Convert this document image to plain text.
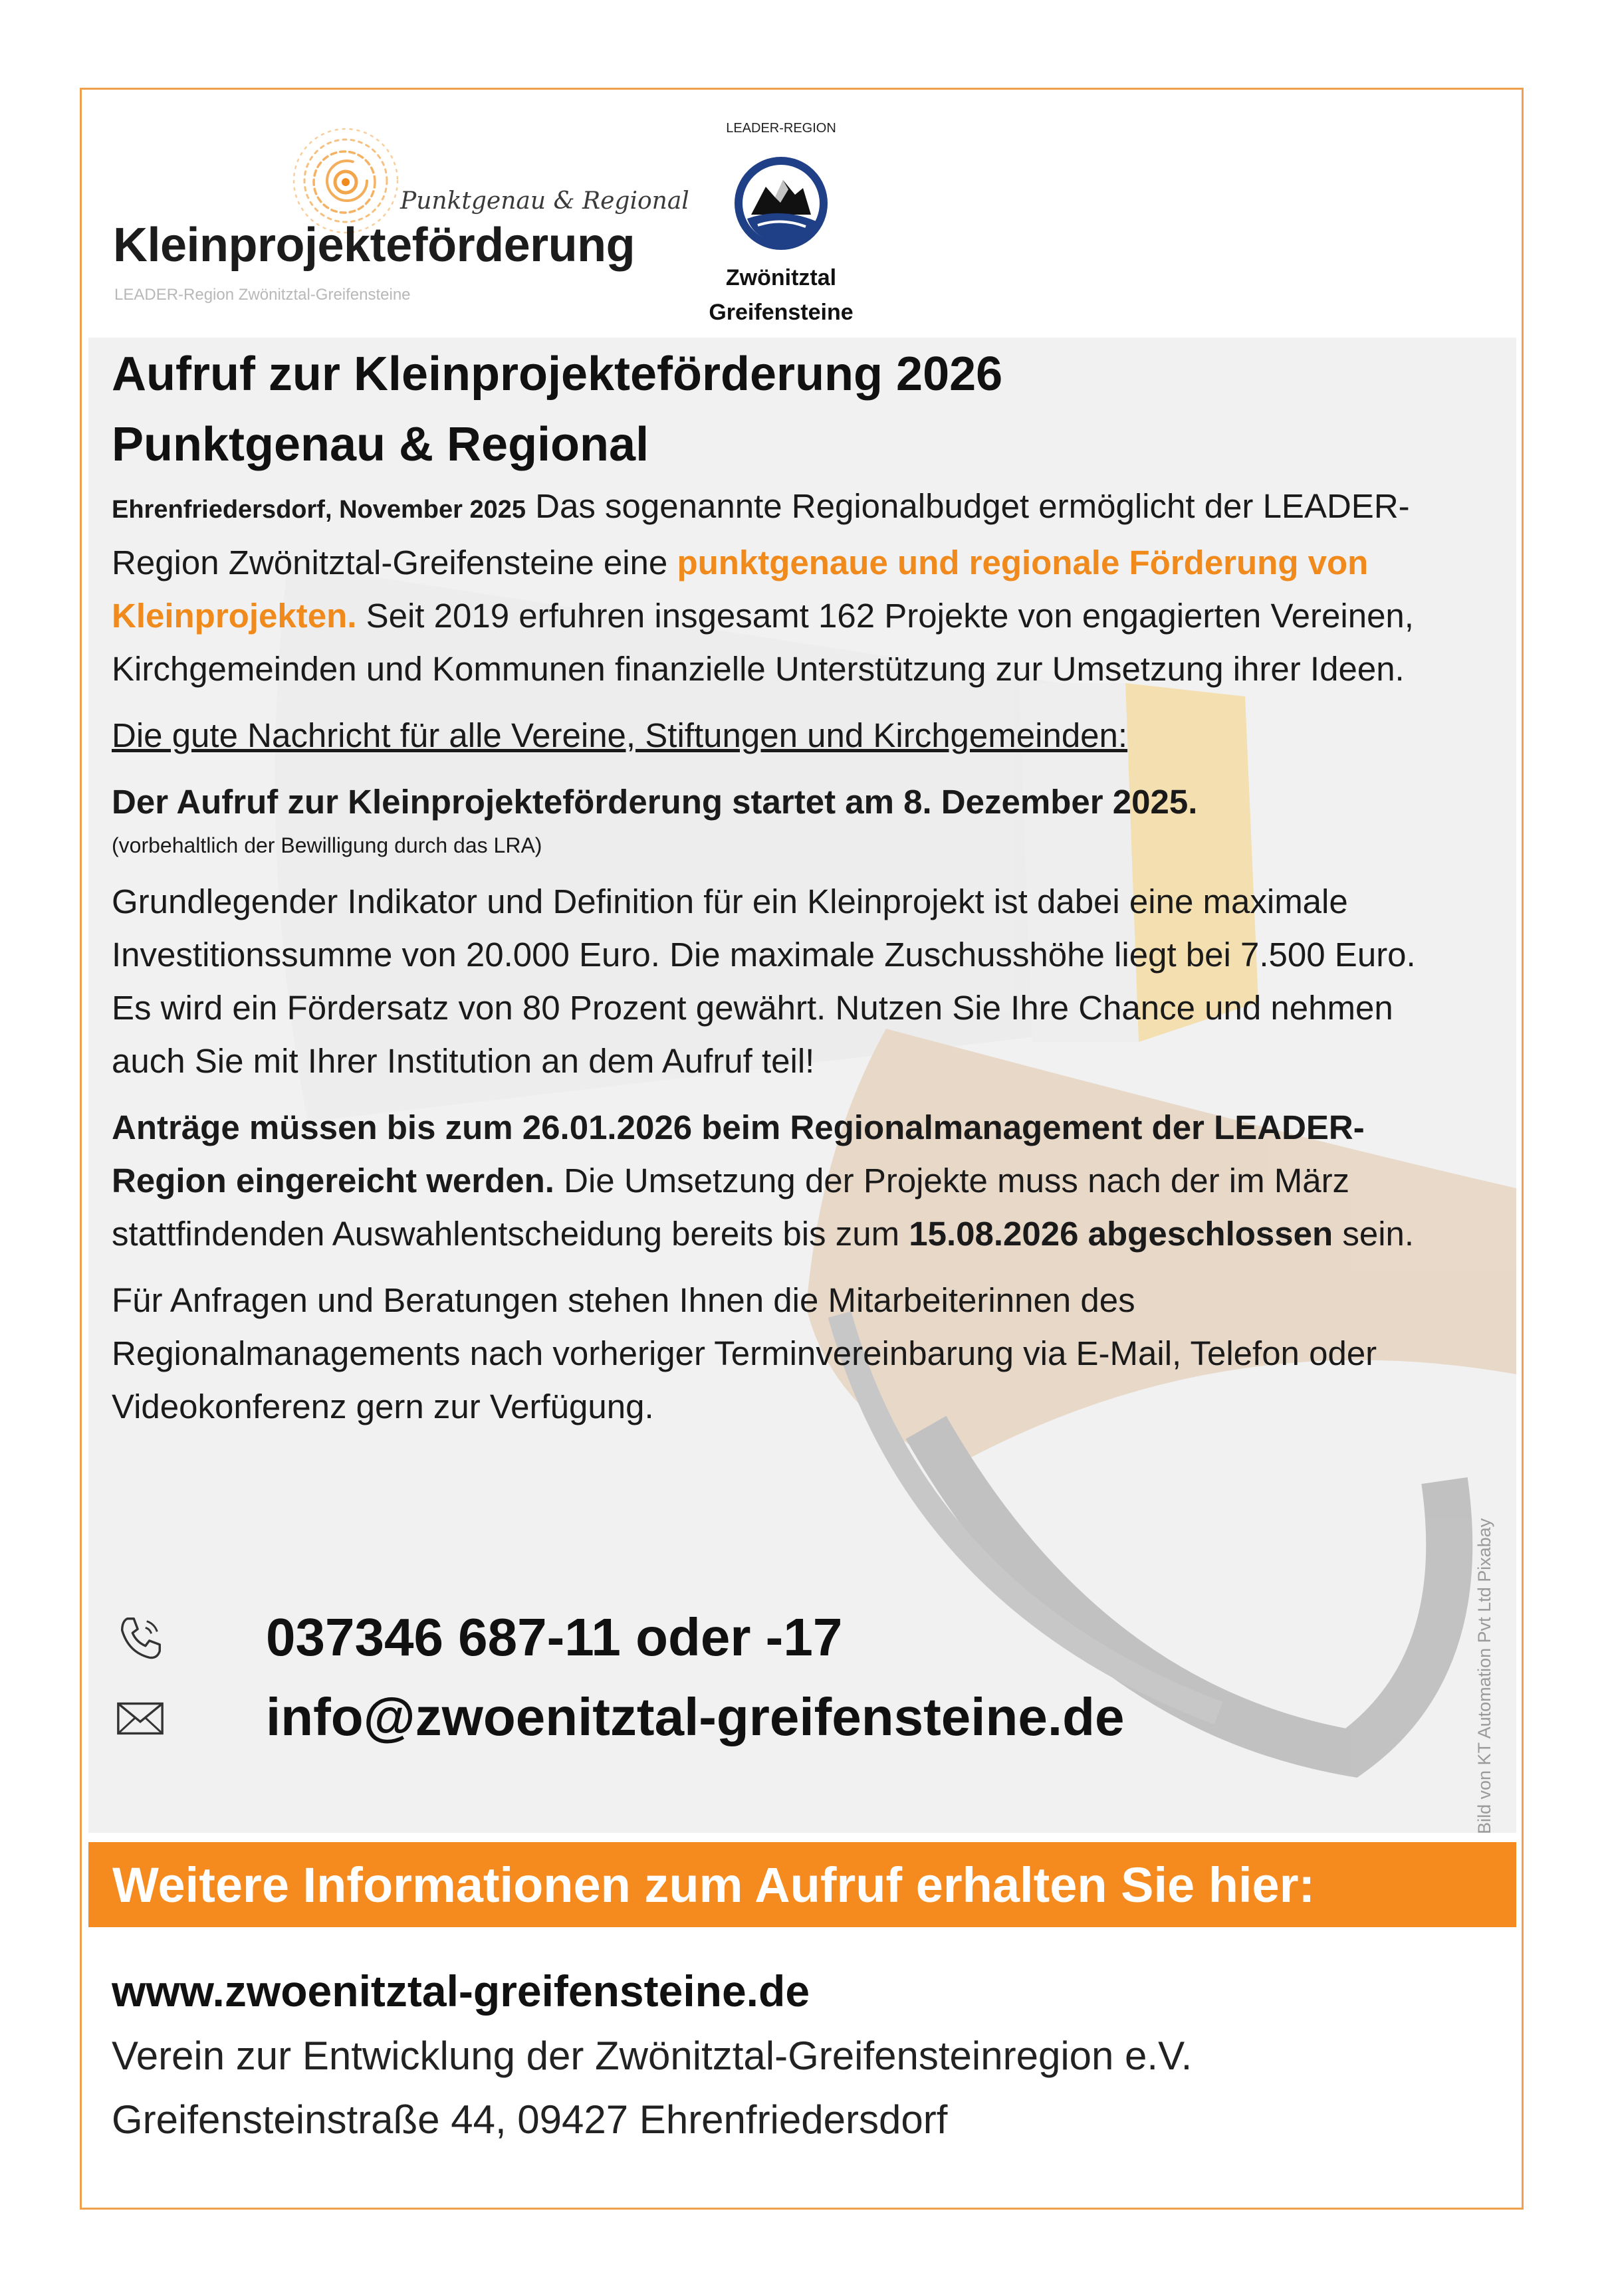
Punktgenau & Regional
Kleinprojekteförderung
LEADER-Region Zwönitztal-Greifensteine
LEADER-REGION
Zwönitztal
Greifensteine
Aufruf zur Kleinprojekteförderung 2026
Punktgenau & Regional

Ehrenfriedersdorf, November 2025 Das sogenannte Regionalbudget ermöglicht der LEADER-Region Zwönitztal-Greifensteine eine punktgenaue und regionale Förderung von Kleinprojekten. Seit 2019 erfuhren insgesamt 162 Projekte von engagierten Vereinen, Kirchgemeinden und Kommunen finanzielle Unterstützung zur Umsetzung ihrer Ideen.

Die gute Nachricht für alle Vereine, Stiftungen und Kirchgemeinden:

Der Aufruf zur Kleinprojekteförderung startet am 8. Dezember 2025.

(vorbehaltlich der Bewilligung durch das LRA)

Grundlegender Indikator und Definition für ein Kleinprojekt ist dabei eine maximale Investitionssumme von 20.000 Euro. Die maximale Zuschusshöhe liegt bei 7.500 Euro. Es wird ein Fördersatz von 80 Prozent gewährt. Nutzen Sie Ihre Chance und nehmen auch Sie mit Ihrer Institution an dem Aufruf teil!

Anträge müssen bis zum 26.01.2026 beim Regionalmanagement der LEADER-Region eingereicht werden. Die Umsetzung der Projekte muss nach der im März stattfindenden Auswahlentscheidung bereits bis zum 15.08.2026 abgeschlossen sein.

Für Anfragen und Beratungen stehen Ihnen die Mitarbeiterinnen des Regionalmanagements nach vorheriger Terminvereinbarung via E-Mail, Telefon oder Videokonferenz gern zur Verfügung.

037346 687-11 oder -17
info@zwoenitztal-greifensteine.de	Bild von KT Automation Pvt Ltd Pixabay
Weitere Informationen zum Aufruf erhalten Sie hier:

www.zwoenitztal-greifensteine.de

Verein zur Entwicklung der Zwönitztal-Greifensteinregion e.V.

Greifensteinstraße 44, 09427 Ehrenfriedersdorf
